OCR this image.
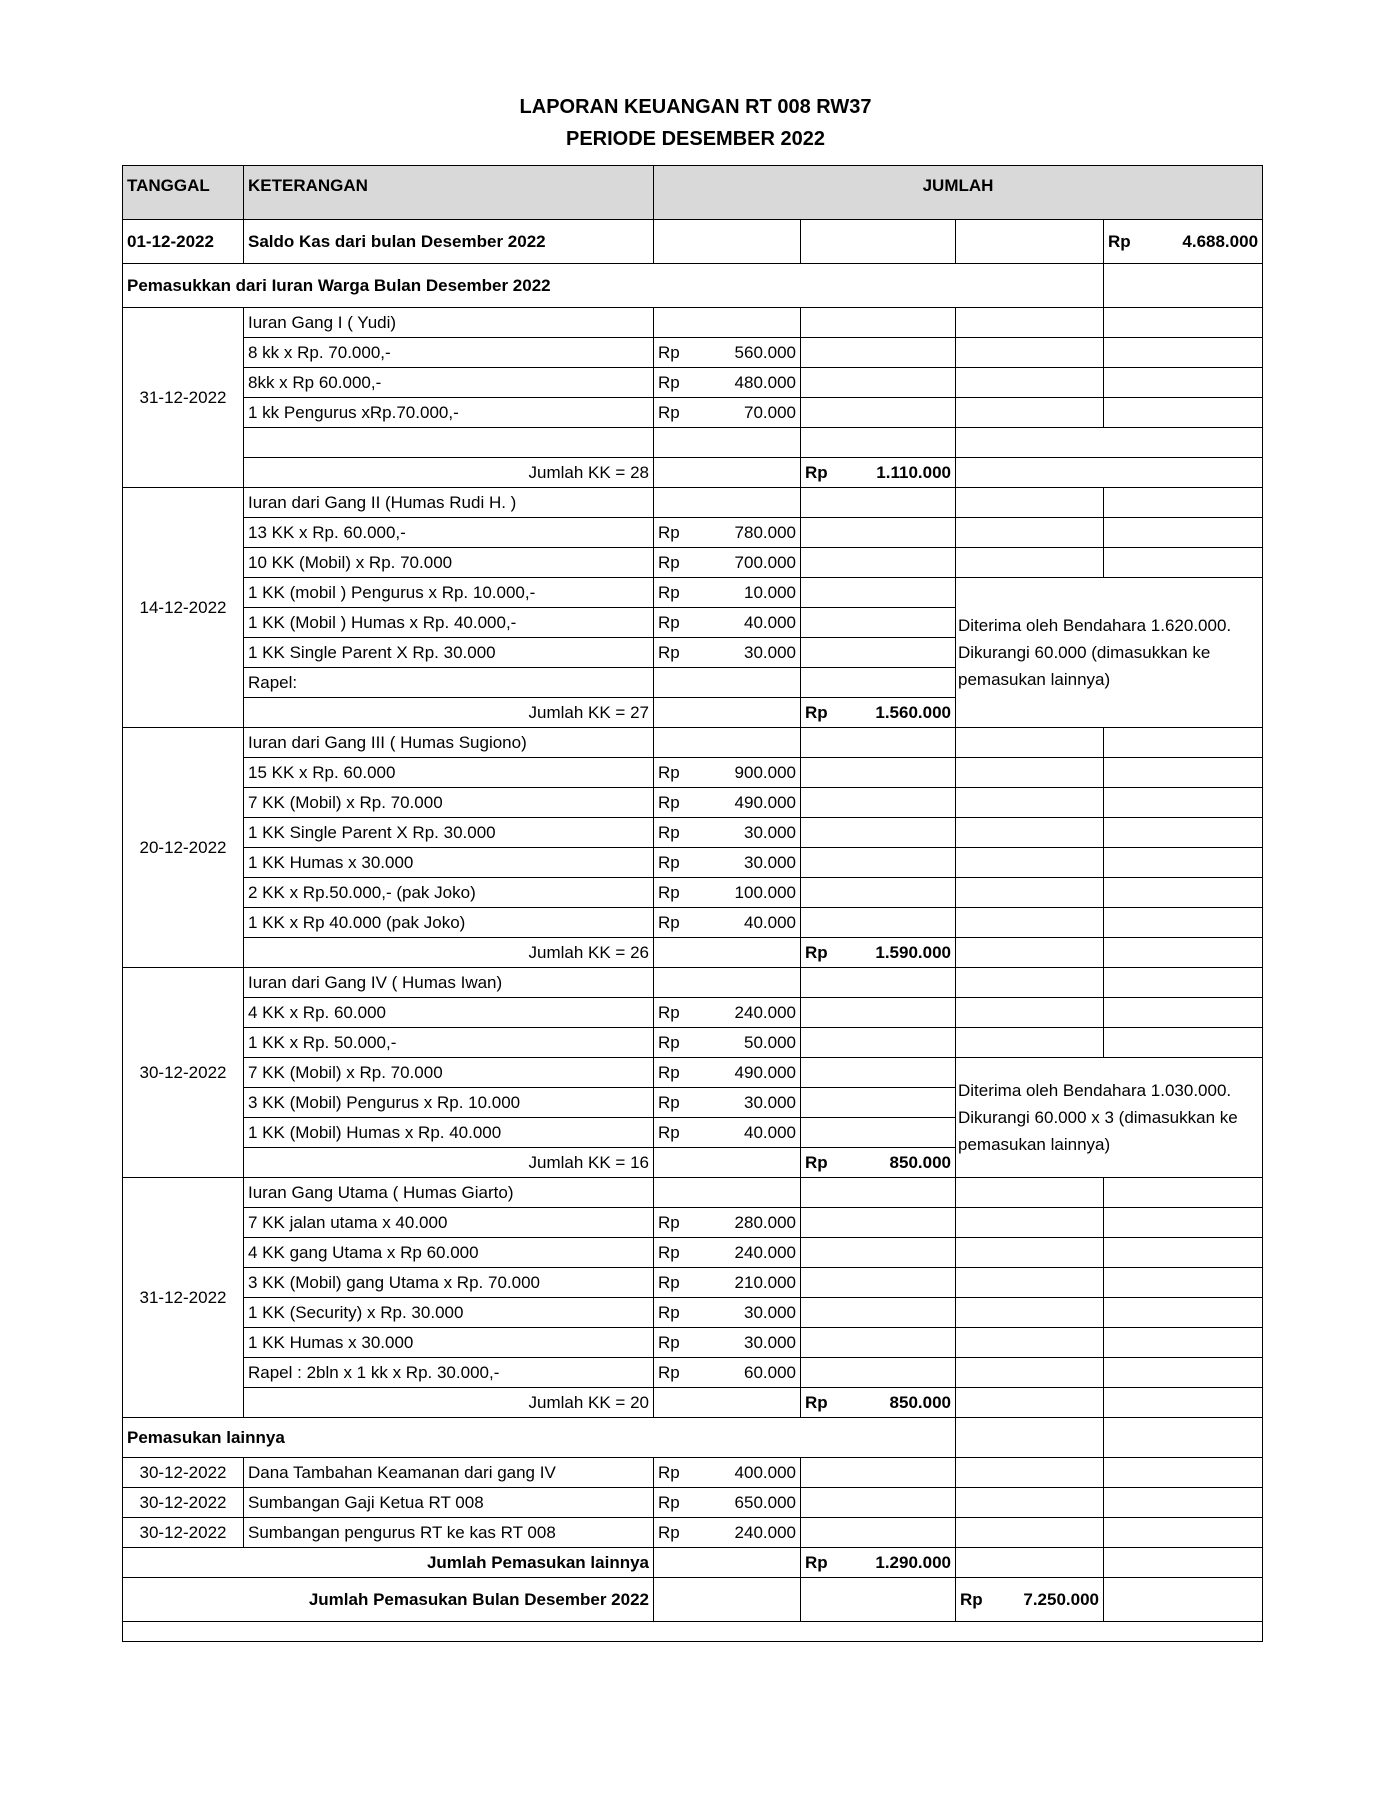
LAPORAN KEUANGAN RT 008 RW37
PERIODE DESEMBER 2022
TANGGAL	KETERANGAN	JUMLAH			
01-12-2022	Saldo Kas dari bulan Desember 2022				Rp 4.688.000

Pemasukkan dari Iuran Warga Bulan Desember 2022					
31-12-2022	Iuran Gang I ( Yudi)				
	8 kk x Rp. 70.000,-	Rp 560.000			

	8kk x Rp 60.000,-	Rp 480.000			

	1 kk Pengurus xRp.70.000,-	Rp 70.000			

	Jumlah KK = 28		Rp 1.110.000		

14-12-2022	Iuran dari Gang II (Humas Rudi H. )				
	13 KK x Rp. 60.000,-	Rp 780.000			

	10 KK (Mobil) x Rp. 70.000	Rp 700.000			

	1 KK (mobil ) Pengurus x Rp. 10.000,-	Rp 10.000		Diterima oleh Bendahara 1.620.000. Dikurangi 60.000 (dimasukkan ke pemasukan lainnya)	
	1 KK (Mobil ) Humas x Rp. 40.000,-	Rp 40.000			

	1 KK Single Parent X Rp. 30.000	Rp 30.000			

	Rapel:				
	Jumlah KK = 27		Rp 1.560.000		

20-12-2022	Iuran dari Gang III ( Humas Sugiono)				
	15 KK x Rp. 60.000	Rp 900.000			

	7 KK (Mobil) x Rp. 70.000	Rp 490.000			

	1 KK Single Parent X Rp. 30.000	Rp 30.000			

	1 KK Humas x 30.000	Rp 30.000			

	2 KK x Rp.50.000,- (pak Joko)	Rp 100.000			

	1 KK x Rp 40.000 (pak Joko)	Rp 40.000			

	Jumlah KK = 26		Rp 1.590.000		

30-12-2022	Iuran dari Gang IV ( Humas Iwan)				
	4 KK x Rp. 60.000	Rp 240.000			

	1 KK x Rp. 50.000,-	Rp 50.000			

	7 KK (Mobil) x Rp. 70.000	Rp 490.000		Diterima oleh Bendahara 1.030.000. Dikurangi 60.000 x 3 (dimasukkan ke pemasukan lainnya)	
	3 KK (Mobil) Pengurus x Rp. 10.000	Rp 30.000			

	1 KK (Mobil) Humas x Rp. 40.000	Rp 40.000			

	Jumlah KK = 16		Rp 850.000		

31-12-2022	Iuran Gang Utama ( Humas Giarto)				
	7 KK jalan utama x 40.000	Rp 280.000			

	4 KK gang Utama x Rp 60.000	Rp 240.000			

	3 KK (Mobil) gang Utama x Rp. 70.000	Rp 210.000			

	1 KK (Security) x Rp. 30.000	Rp 30.000			

	1 KK Humas x 30.000	Rp 30.000			

	Rapel : 2bln x 1 kk x Rp. 30.000,-	Rp 60.000			

	Jumlah KK = 20		Rp 850.000		

Pemasukan lainnya					
30-12-2022	Dana Tambahan Keamanan dari gang IV	Rp 400.000			

30-12-2022	Sumbangan Gaji Ketua RT 008	Rp 650.000			

30-12-2022	Sumbangan pengurus RT ke kas RT 008	Rp 240.000			

Jumlah Pemasukan lainnya			Rp 1.290.000		

Jumlah Pemasukan Bulan Desember 2022				Rp 7.250.000	
